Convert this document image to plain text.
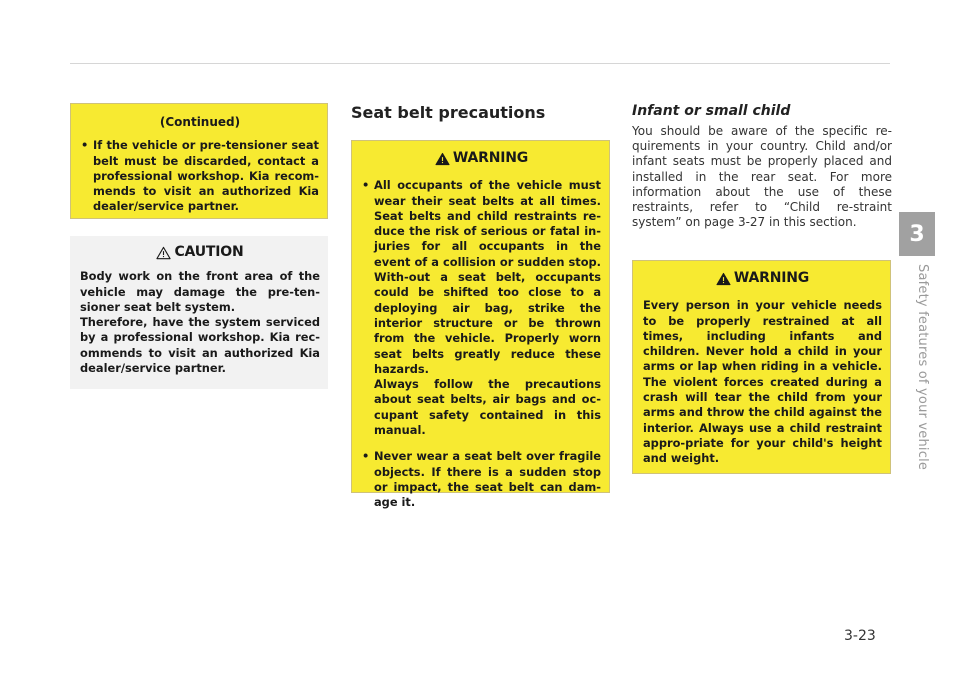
(Continued)
• If the vehicle or pre-tensioner seat belt must be discarded, contact a professional workshop. Kia recom-mends to visit an authorized Kia dealer/service partner.
CAUTION

Body work on the front area of the vehicle may damage the pre-ten-sioner seat belt system.

Therefore, have the system serviced by a professional workshop. Kia rec-ommends to visit an authorized Kia dealer/service partner.

Seat belt precautions
WARNING

• All occupants of the vehicle must wear their seat belts at all times. Seat belts and child restraints re-duce the risk of serious or fatal in-juries for all occupants in the event of a collision or sudden stop. With-out a seat belt, occupants could be shifted too close to a deploying air bag, strike the interior structure or be thrown from the vehicle. Properly worn seat belts greatly reduce these hazards.

Always follow the precautions about seat belts, air bags and oc-cupant safety contained in this manual.

• Never wear a seat belt over fragile objects. If there is a sudden stop or impact, the seat belt can dam-age it.

Infant or small child

You should be aware of the specific re-quirements in your country. Child and/or infant seats must be properly placed and installed in the rear seat. For more information about the use of these restraints, refer to “Child re-straint system” on page 3-27 in this section.

WARNING

Every person in your vehicle needs to be properly restrained at all times, including infants and children. Never hold a child in your arms or lap when riding in a vehicle. The violent forces created during a crash will tear the child from your arms and throw the child against the interior. Always use a child restraint appro-priate for your child's height and weight.

3
Safety features of your vehicle
3-23
